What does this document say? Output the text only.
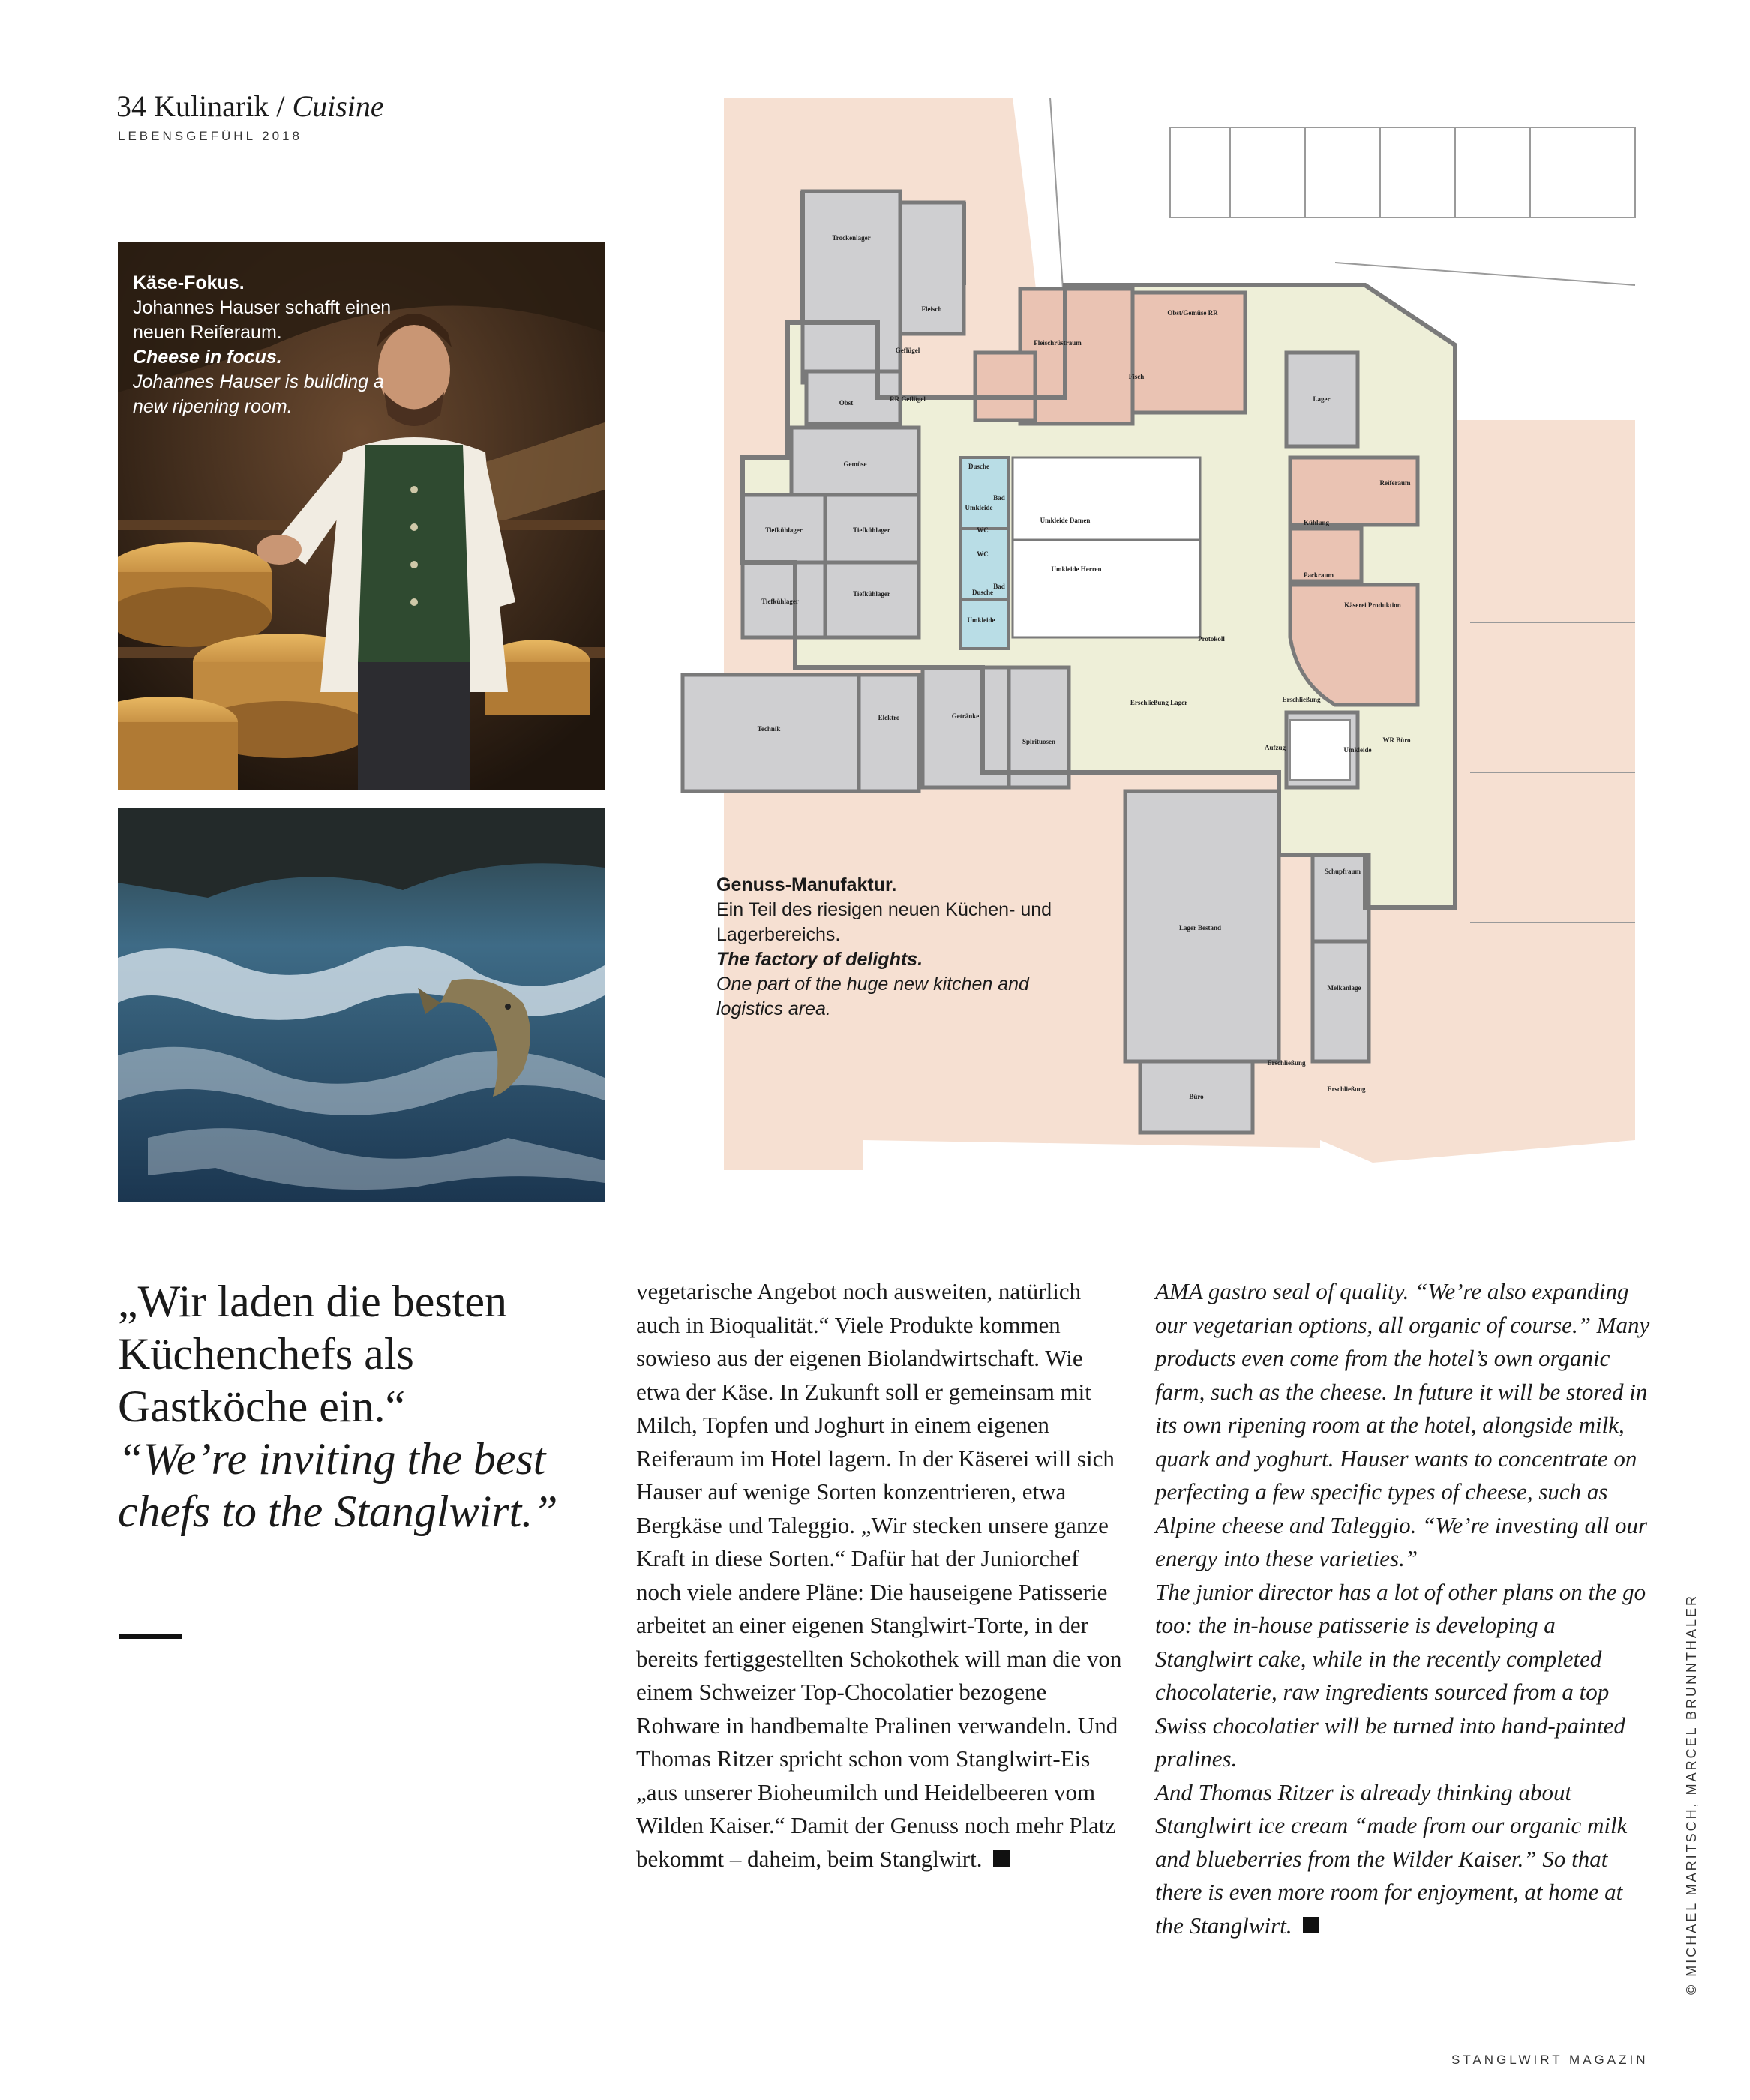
34 Kulinarik / Cuisine
LEBENSGEFÜHL 2018
Käse-Fokus.
Johannes Hauser schafft einen neuen Reiferaum.
Cheese in focus.
Johannes Hauser is building a new ripening room.
Trockenlager
Fleisch
Geflügel
RR Geflügel
Fleischrüstraum
Obst/Gemüse RR
Fisch
Obst
Gemüse
Lager
Tiefkühlager	Tiefkühlager
Tiefkühlager
Tiefkühlager
Dusche
Bad
Umkleide
WC
WC
Dusche
Bad
Umkleide
Umkleide Damen
Umkleide Herren
Reiferaum
Kühlung
Packraum
Käserei Produktion
Protokoll
Technik
Elektro	Getränke
Spirituosen
Erschließung Lager	Erschließung
Aufzug
WR Büro
Umkleide
Schupfraum
Lager Bestand
Melkanlage
Erschließung
Erschließung
Büro
Genuss-Manufaktur.
Ein Teil des riesigen neuen Küchen- und Lagerbereichs.
The factory of delights.
One part of the huge new kitchen and logistics area.
„Wir laden die besten Küchenchefs als Gastköche ein.“
“We’re inviting the best chefs to the Stanglwirt.”
vegetarische Angebot noch ausweiten, natürlich auch in Bioqualität.“ Viele Produkte kommen sowieso aus der eigenen Biolandwirtschaft. Wie etwa der Käse. In Zukunft soll er gemeinsam mit Milch, Topfen und Joghurt in einem eigenen Reiferaum im Hotel lagern. In der Käserei will sich Hauser auf wenige Sorten konzentrieren, etwa Bergkäse und Taleggio. „Wir stecken unsere ganze Kraft in diese Sorten.“ Dafür hat der Juniorchef noch viele andere Pläne: Die hauseigene Patisserie arbeitet an einer eigenen Stanglwirt-Torte, in der bereits fertiggestellten Schokothek will man die von einem Schweizer Top-Chocolatier bezogene Rohware in handbemalte Pralinen verwandeln. Und Thomas Ritzer spricht schon vom Stanglwirt-Eis „aus unserer Bioheumilch und Heidelbeeren vom Wilden Kaiser.“ Damit der Genuss noch mehr Platz bekommt – daheim, beim Stanglwirt.
AMA gastro seal of quality. “We’re also expanding our vegetarian options, all organic of course.” Many products even come from the hotel’s own organic farm, such as the cheese. In future it will be stored in its own ripening room at the hotel, alongside milk, quark and yoghurt. Hauser wants to concentrate on perfecting a few specific types of cheese, such as Alpine cheese and Taleggio. “We’re investing all our energy into these varieties.”
The junior director has a lot of other plans on the go too: the in-house patisserie is developing a Stanglwirt cake, while in the recently completed chocolaterie, raw ingredients sourced from a top Swiss chocolatier will be turned into hand-painted pralines.
And Thomas Ritzer is already thinking about Stanglwirt ice cream “made from our organic milk and blueberries from the Wilder Kaiser.” So that there is even more room for enjoyment, at home at the Stanglwirt.	© MICHAEL MARITSCH, MARCEL BRUNNTHALER
STANGLWIRT MAGAZIN
